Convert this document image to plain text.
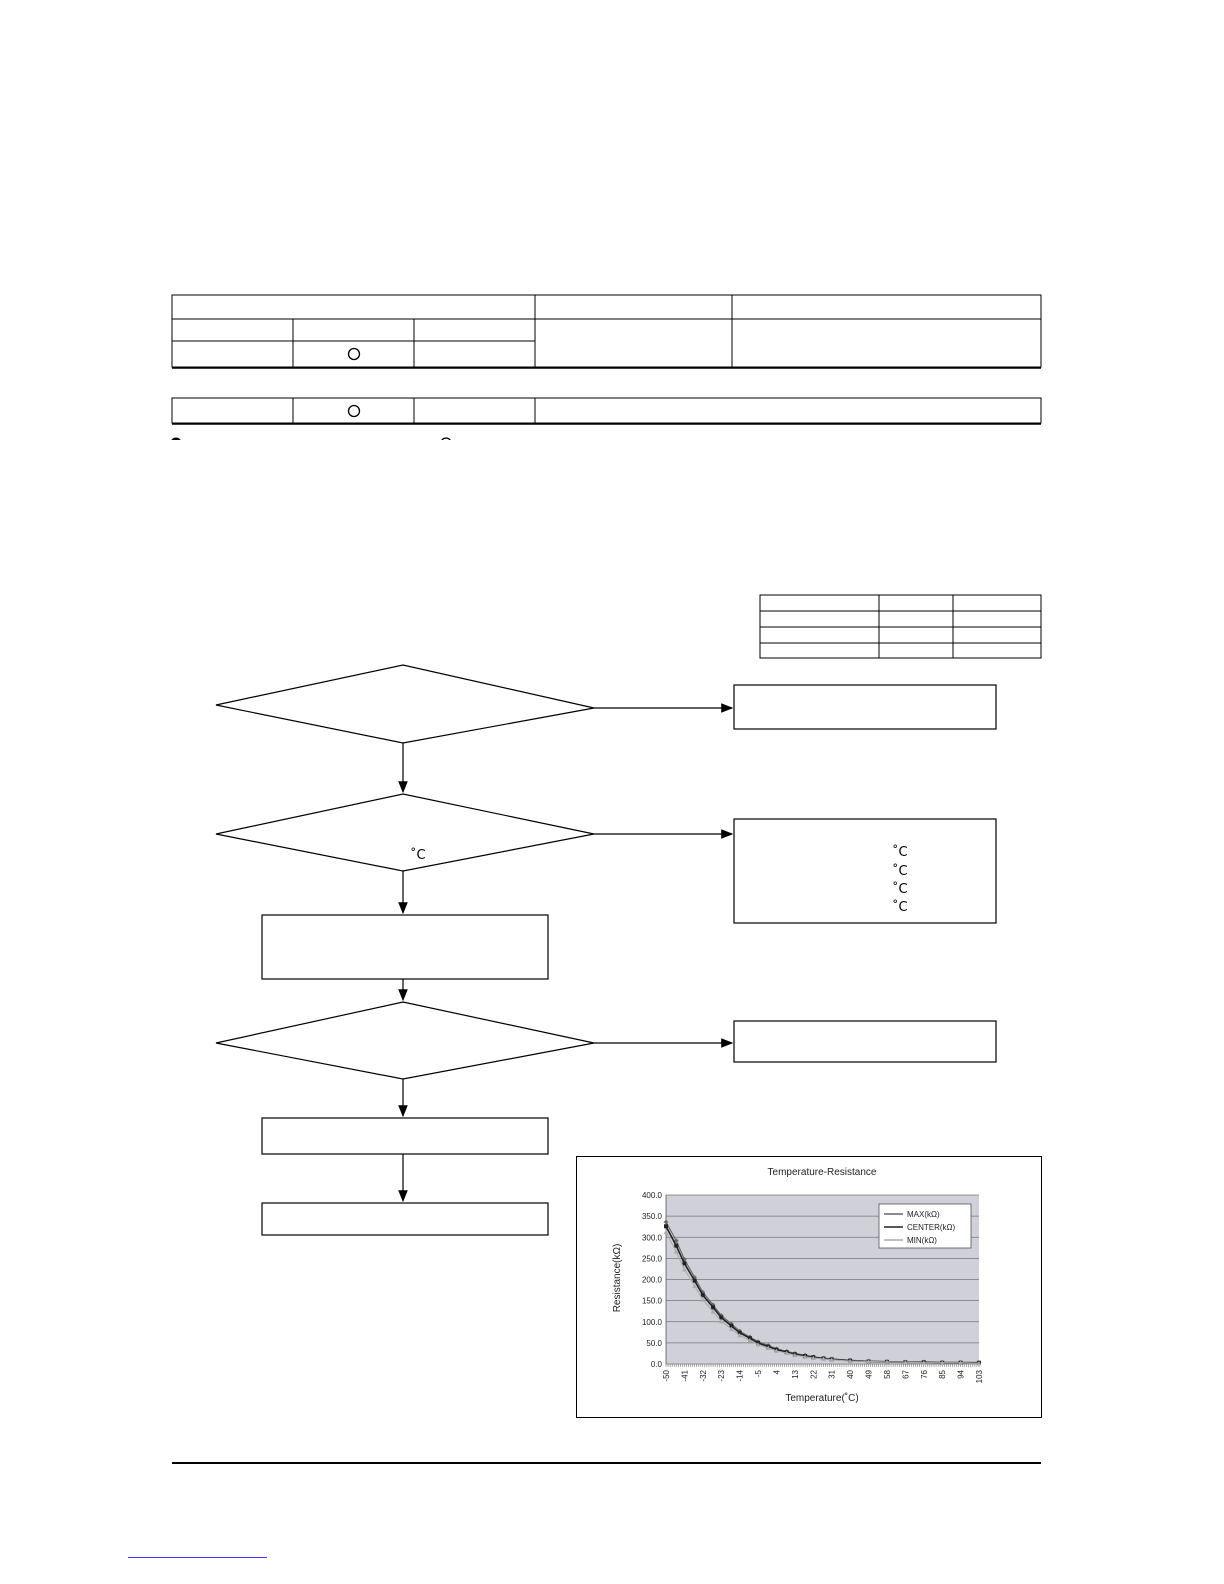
˚C	˚C
˚C
˚C
˚C
Temperature-Resistance
Resistance(kΩ)
Temperature(˚C)
0.0
50.0
100.0
150.0
200.0
250.0
300.0
350.0
400.0
-50 -41 -32 -23 -14 -5 4 13 22 31 40 49 58 67 76 85 94 103
MAX(kΩ)
CENTER(kΩ)
MIN(kΩ)
